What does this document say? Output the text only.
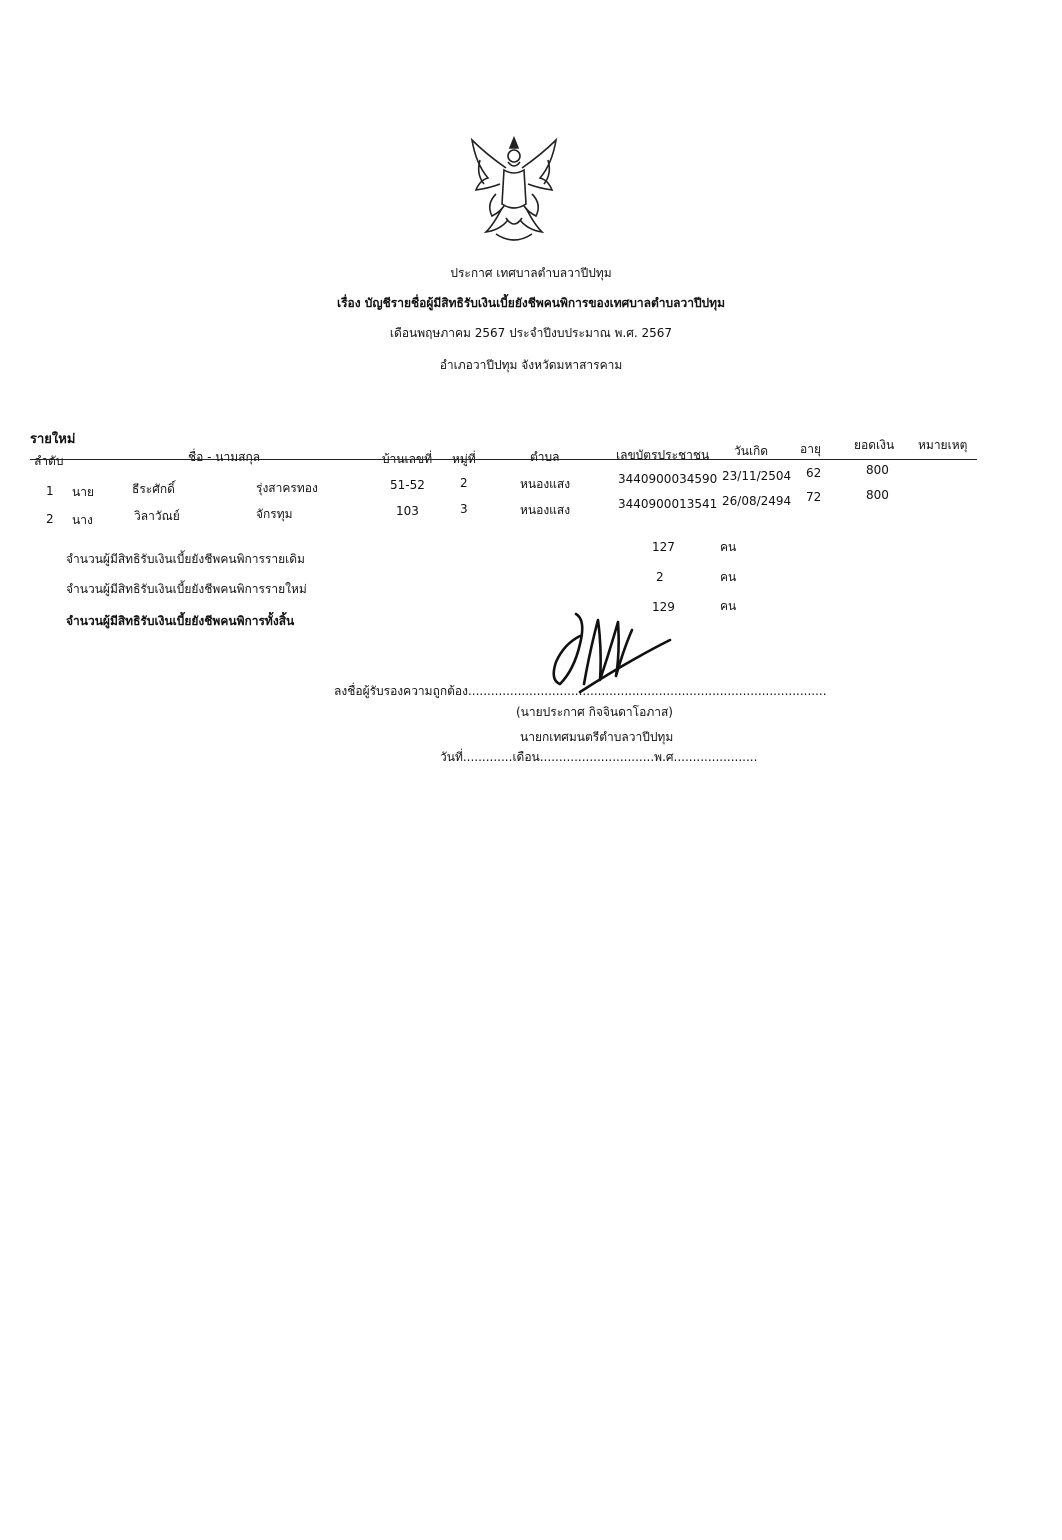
ประกาศ เทศบาลตำบลวาปีปทุม
เรื่อง บัญชีรายชื่อผู้มีสิทธิรับเงินเบี้ยยังชีพคนพิการของเทศบาลตำบลวาปีปทุม
เดือนพฤษภาคม 2567 ประจำปีงบประมาณ พ.ศ. 2567
อำเภอวาปีปทุม จังหวัดมหาสารคาม
รายใหม่
ลำดับ	ชื่อ - นามสกุล	บ้านเลขที่ หมู่ที่	ตำบล	เลขบัตรประชาชน วันเกิด	อายุ	ยอดเงิน หมายเหตุ
1 นาย	ธีระศักดิ์	รุ่งสาครทอง	51-52	2	หนองแสง	3440900034590 23/11/2504 62	800
2 นาง	วิลาวัณย์	จักรทุม	103	3	หนองแสง	3440900013541 26/08/2494 72	800
จำนวนผู้มีสิทธิรับเงินเบี้ยยังชีพคนพิการรายเดิม
127	คน
จำนวนผู้มีสิทธิรับเงินเบี้ยยังชีพคนพิการรายใหม่
2	คน
จำนวนผู้มีสิทธิรับเงินเบี้ยยังชีพคนพิการทั้งสิ้น
129	คน
ลงชื่อผู้รับรองความถูกต้อง..............................................................................................
(นายประกาศ กิจจินดาโอภาส)
นายกเทศมนตรีตำบลวาปีปทุม
วันที่.............เดือน..............................พ.ศ......................
